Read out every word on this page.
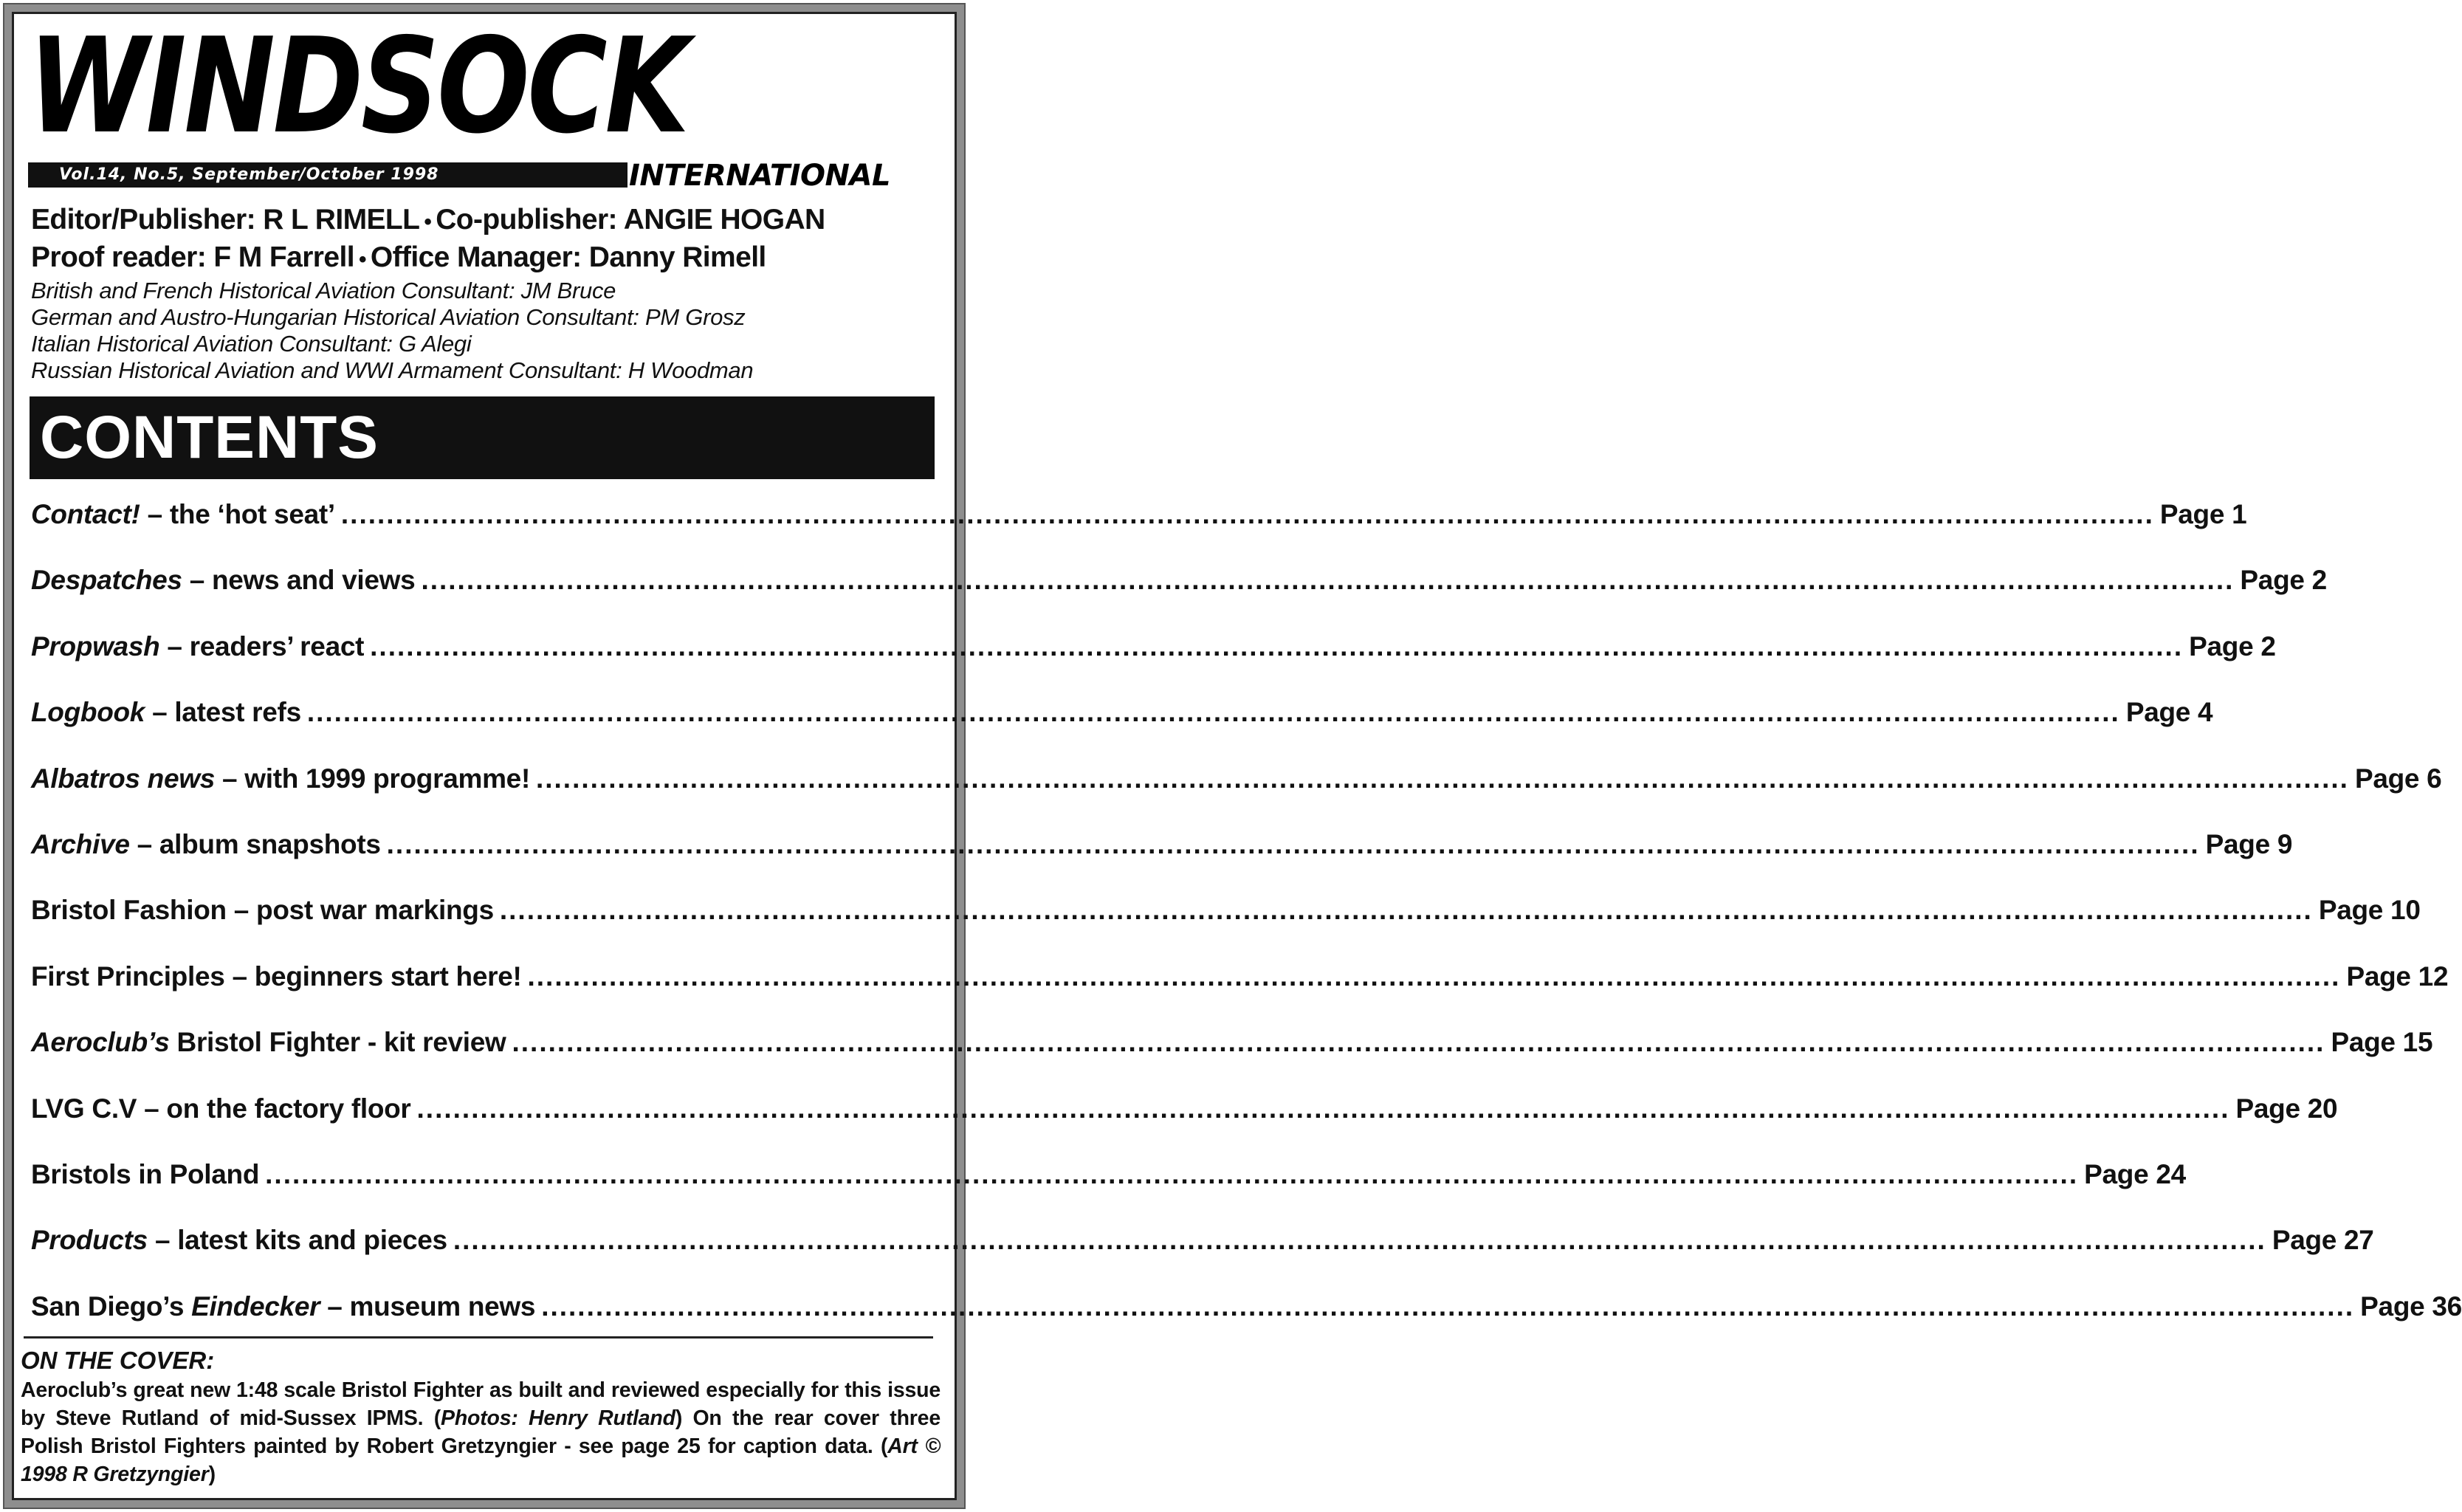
WINDSOCK
Vol.14, No.5, September/October 1998	INTERNATIONAL
Editor/Publisher: R L RIMELL • Co-publisher: ANGIE HOGAN
Proof reader: F M Farrell • Office Manager: Danny Rimell
British and French Historical Aviation Consultant: JM Bruce
German and Austro-Hungarian Historical Aviation Consultant: PM Grosz
Italian Historical Aviation Consultant: G Alegi
Russian Historical Aviation and WWI Armament Consultant: H Woodman
CONTENTS
Contact! – the ‘hot seat’ ........................................................................................................................................................................................................ Page 1
Despatches – news and views ........................................................................................................................................................................................................ Page 2
Propwash – readers’ react ........................................................................................................................................................................................................ Page 2
Logbook – latest refs ........................................................................................................................................................................................................ Page 4
Albatros news – with 1999 programme! ........................................................................................................................................................................................................ Page 6
Archive – album snapshots ........................................................................................................................................................................................................ Page 9
Bristol Fashion – post war markings ........................................................................................................................................................................................................ Page 10
First Principles – beginners start here! ........................................................................................................................................................................................................ Page 12
Aeroclub’s Bristol Fighter - kit review ........................................................................................................................................................................................................ Page 15
LVG C.V – on the factory floor ........................................................................................................................................................................................................ Page 20
Bristols in Poland ........................................................................................................................................................................................................ Page 24
Products – latest kits and pieces ........................................................................................................................................................................................................ Page 27
San Diego’s Eindecker – museum news ........................................................................................................................................................................................................ Page 36
ON THE COVER:
Aeroclub’s great new 1:48 scale Bristol Fighter as built and reviewed especially for this issue by Steve Rutland of mid-Sussex IPMS. (Photos: Henry Rutland) On the rear cover three Polish Bristol Fighters painted by Robert Gretzyngier - see page 25 for caption data. (Art © 1998 R Gretzyngier)
